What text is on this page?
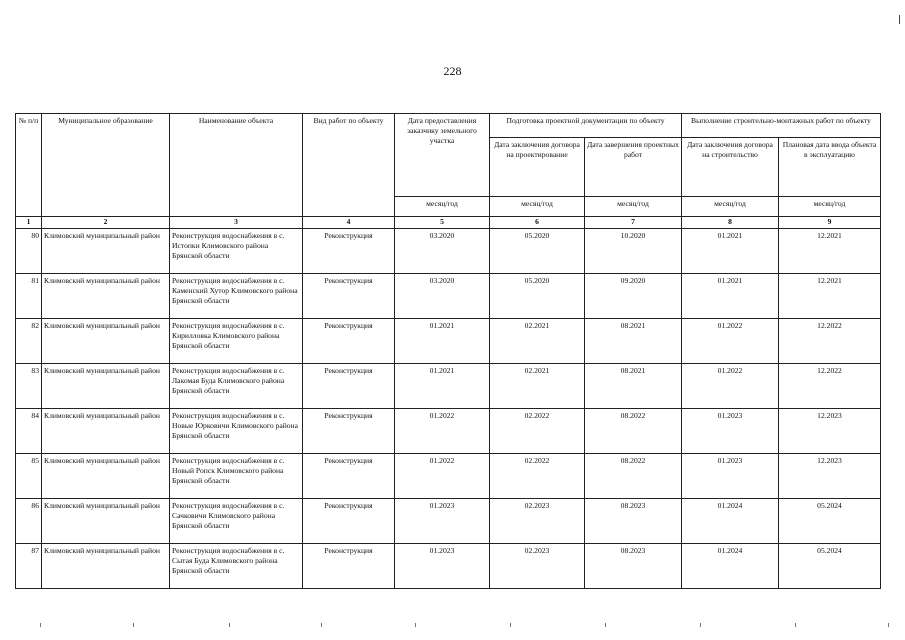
228
№ п/п	Муниципальное образование	Наименование объекта	Вид работ по объекту	Дата предоставления заказчику земельного участка	Подготовка проектной документации по объекту		Выполнение строительно-монтажных работ по объекту	
					Дата заключения договора на проектирование	Дата завершения проектных работ	Дата заключения договора на строительство	Плановая дата ввода объекта в эксплуатацию
				месяц/год	месяц/год	месяц/год	месяц/год	месяц/год
1	2	3	4	5	6	7	8	9
80	Климовский муниципальный район	Реконструкция водоснабжения в с. Истопки Климовского района Брянской области	Реконструкция	03.2020	05.2020	10.2020	01.2021	12.2021
81	Климовский муниципальный район	Реконструкция водоснабжения в с. Каменский Хутор Климовского района Брянской области	Реконструкция	03.2020	05.2020	09.2020	01.2021	12.2021
82	Климовский муниципальный район	Реконструкция водоснабжения в с. Кирилловка Климовского района Брянской области	Реконструкция	01.2021	02.2021	08.2021	01.2022	12.2022
83	Климовский муниципальный район	Реконструкция водоснабжения в с. Лакомая Буда Климовского района Брянской области	Реконструкция	01.2021	02.2021	08.2021	01.2022	12.2022
84	Климовский муниципальный район	Реконструкция водоснабжения в с. Новые Юрковичи Климовского района Брянской области	Реконструкция	01.2022	02.2022	08.2022	01.2023	12.2023
85	Климовский муниципальный район	Реконструкция водоснабжения в с. Новый Ропск Климовского района Брянской области	Реконструкция	01.2022	02.2022	08.2022	01.2023	12.2023
86	Климовский муниципальный район	Реконструкция водоснабжения в с. Сачковичи Климовского района Брянской области	Реконструкция	01.2023	02.2023	08.2023	01.2024	05.2024
87	Климовский муниципальный район	Реконструкция водоснабжения в с. Сытая Буда Климовского района Брянской области	Реконструкция	01.2023	02.2023	08.2023	01.2024	05.2024
